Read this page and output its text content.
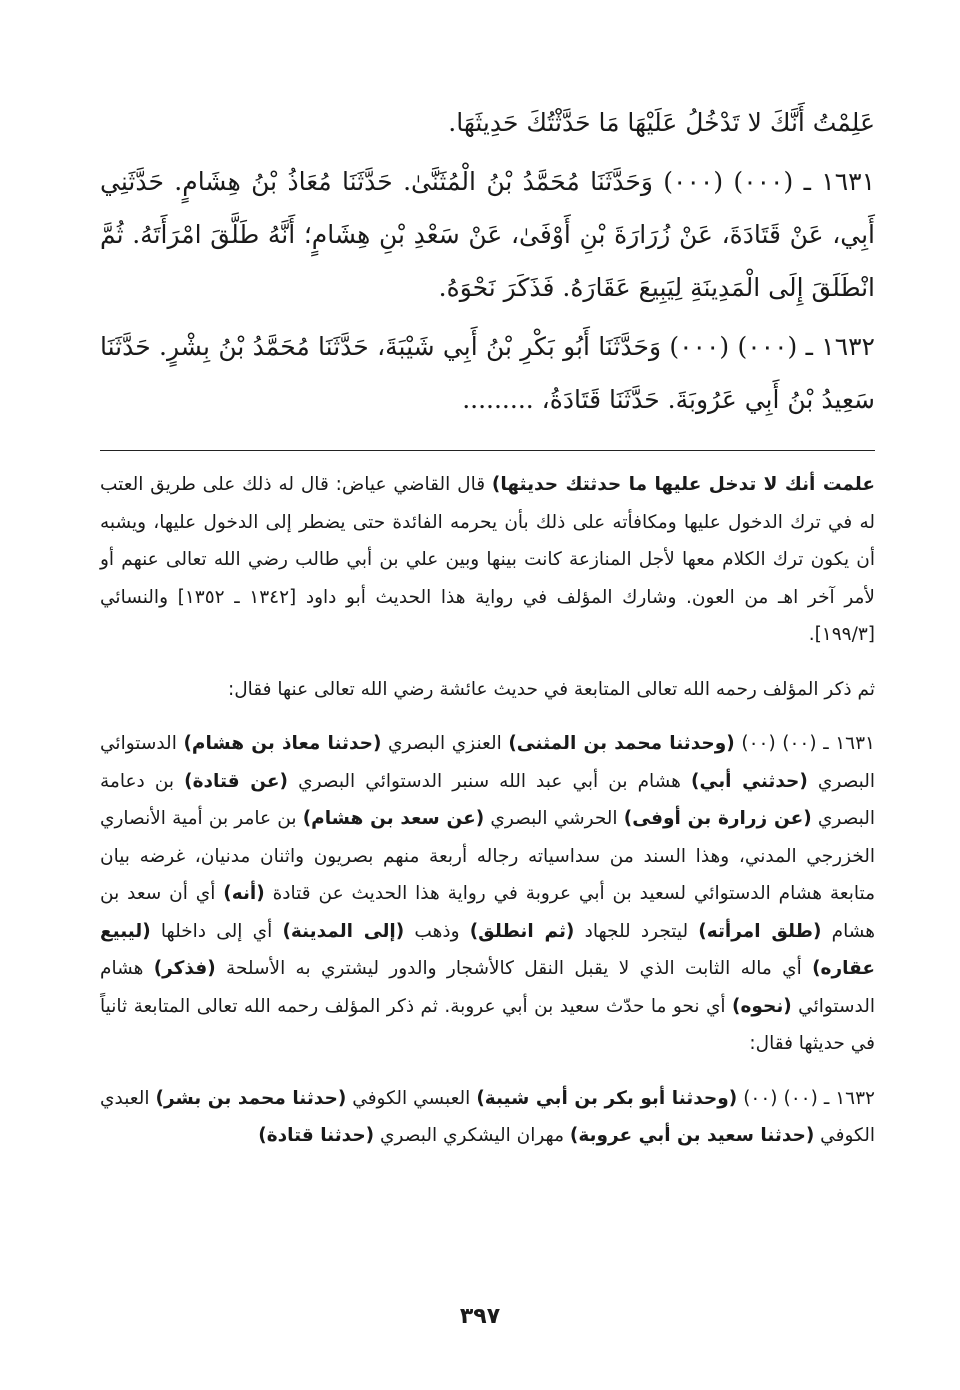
عَلِمْتُ أَنَّكَ لا تَدْخُلُ عَلَيْهَا مَا حَدَّثْتُكَ حَدِيثَهَا.

١٦٣١ ـ (٠٠٠) (٠٠٠) وَحَدَّثَنَا مُحَمَّدُ بْنُ الْمُثَنَّىٰ. حَدَّثَنَا مُعَاذُ بْنُ هِشَامٍ. حَدَّثَنِي أَبِي، عَنْ قَتَادَةَ، عَنْ زُرَارَةَ بْنِ أَوْفَىٰ، عَنْ سَعْدِ بْنِ هِشَامٍ؛ أَنَّهُ طَلَّقَ امْرَأَتَهُ. ثُمَّ انْطَلَقَ إِلَى الْمَدِينَةِ لِيَبِيعَ عَقَارَهُ. فَذَكَرَ نَحْوَهُ.

١٦٣٢ ـ (٠٠٠) (٠٠٠) وَحَدَّثَنَا أَبُو بَكْرِ بْنُ أَبِي شَيْبَةَ، حَدَّثَنَا مُحَمَّدُ بْنُ بِشْرٍ. حَدَّثَنَا سَعِيدُ بْنُ أَبِي عَرُوبَةَ. حَدَّثَنَا قَتَادَةُ، .........

علمت أنك لا تدخل عليها ما حدثتك حديثها) قال القاضي عياض: قال له ذلك على طريق العتب له في ترك الدخول عليها ومكافأته على ذلك بأن يحرمه الفائدة حتى يضطر إلى الدخول عليها، ويشبه أن يكون ترك الكلام معها لأجل المنازعة كانت بينها وبين علي بن أبي طالب رضي الله تعالى عنهم أو لأمر آخر اهـ من العون. وشارك المؤلف في رواية هذا الحديث أبو داود [١٣٤٢ ـ ١٣٥٢] والنسائي [١٩٩/٣].

ثم ذكر المؤلف رحمه الله تعالى المتابعة في حديث عائشة رضي الله تعالى عنها فقال:

١٦٣١ ـ (٠٠) (٠٠) (وحدثنا محمد بن المثنى) العنزي البصري (حدثنا معاذ بن هشام) الدستوائي البصري (حدثني أبي) هشام بن أبي عبد الله سنبر الدستوائي البصري (عن قتادة) بن دعامة البصري (عن زرارة بن أوفى) الحرشي البصري (عن سعد بن هشام) بن عامر بن أمية الأنصاري الخزرجي المدني، وهذا السند من سداسياته رجاله أربعة منهم بصريون واثنان مدنيان، غرضه بيان متابعة هشام الدستوائي لسعيد بن أبي عروبة في رواية هذا الحديث عن قتادة (أنه) أي أن سعد بن هشام (طلق امرأته) ليتجرد للجهاد (ثم انطلق) وذهب (إلى المدينة) أي إلى داخلها (ليبيع عقاره) أي ماله الثابت الذي لا يقبل النقل كالأشجار والدور ليشتري به الأسلحة (فذكر) هشام الدستوائي (نحوه) أي نحو ما حدّث سعيد بن أبي عروبة. ثم ذكر المؤلف رحمه الله تعالى المتابعة ثانياً في حديثها فقال:

١٦٣٢ ـ (٠٠) (٠٠) (وحدثنا أبو بكر بن أبي شيبة) العبسي الكوفي (حدثنا محمد بن بشر) العبدي الكوفي (حدثنا سعيد بن أبي عروبة) مهران اليشكري البصري (حدثنا قتادة)

٣٩٧
